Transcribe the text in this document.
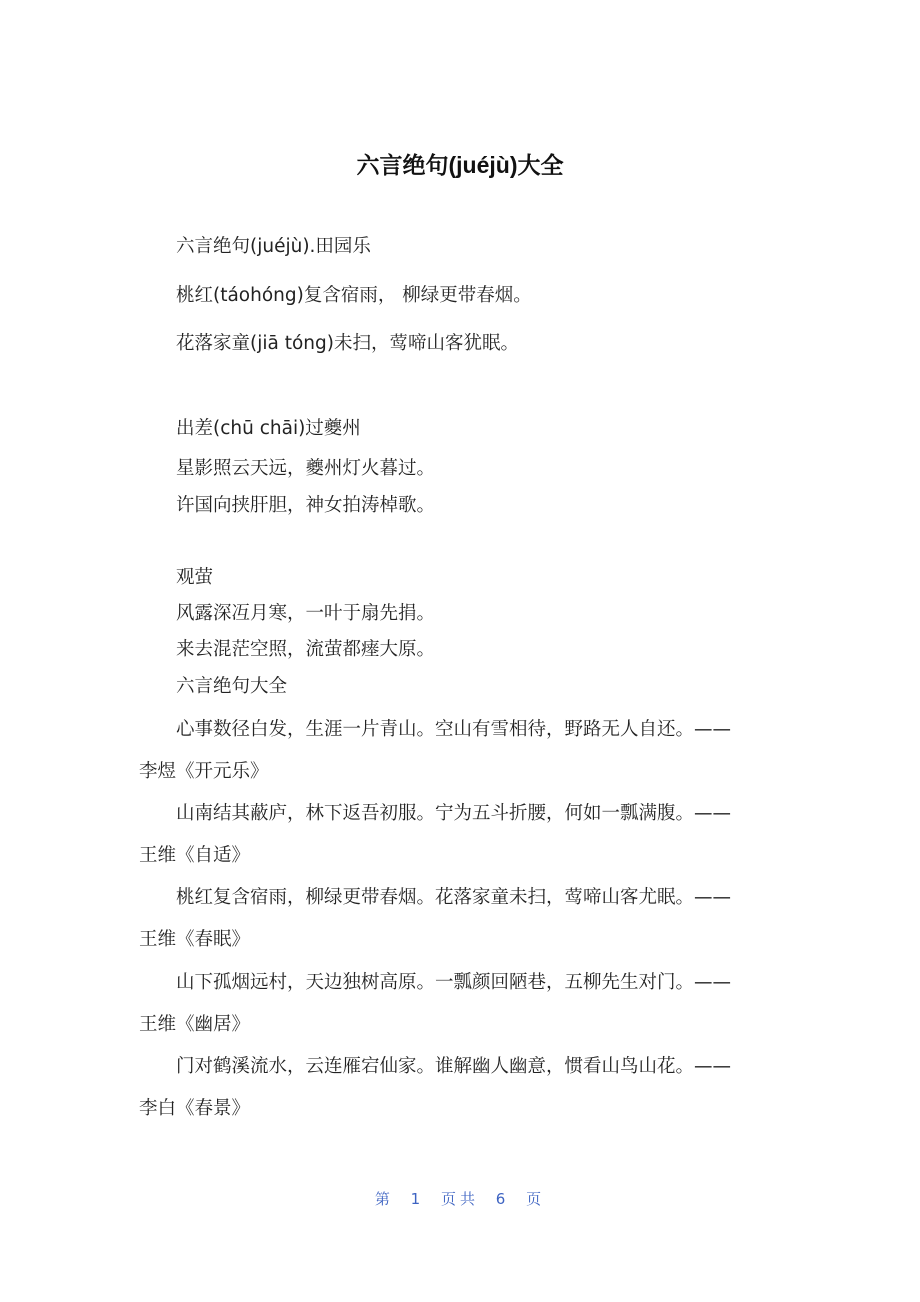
六言绝句(juéjù)大全
六言绝句(juéjù).田园乐
桃红(táohóng)复含宿雨， 柳绿更带春烟。
花落家童(jiā tóng)未扫，莺啼山客犹眠。
出差(chū chāi)过夔州
星影照云天远，夔州灯火暮过。
许国向挟肝胆，神女拍涛棹歌。
观萤
风露深冱月寒，一叶于扇先捐。
来去混茫空照，流萤都瘗大原。
六言绝句大全
心事数径白发，生涯一片青山。空山有雪相待，野路无人自还。——
李煜《开元乐》
山南结其蔽庐，林下返吾初服。宁为五斗折腰，何如一瓢满腹。——
王维《自适》
桃红复含宿雨，柳绿更带春烟。花落家童未扫，莺啼山客尤眠。——
王维《春眠》
山下孤烟远村，天边独树高原。一瓢颜回陋巷，五柳先生对门。——
王维《幽居》
门对鹤溪流水，云连雁宕仙家。谁解幽人幽意，惯看山鸟山花。——
李白《春景》
第 1 页共 6 页
